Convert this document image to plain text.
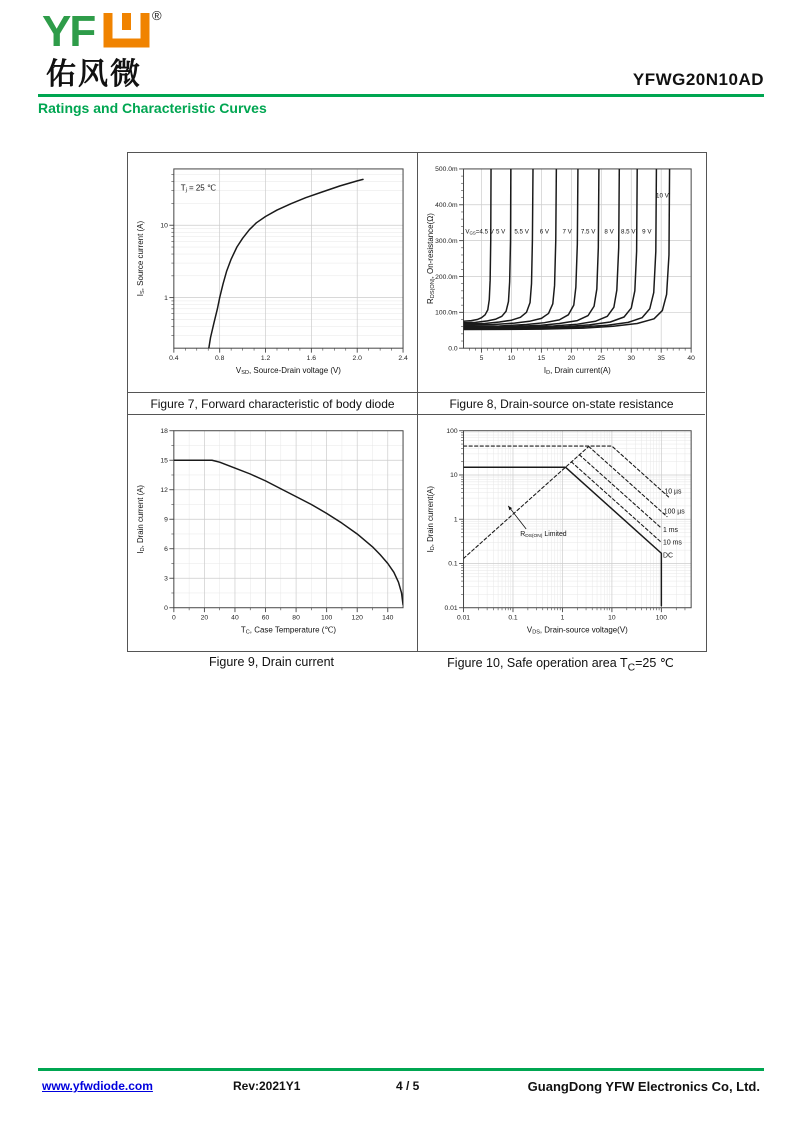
YF	®
佑风微	YFWG20N10AD
Ratings and Characteristic Curves
0.4	0.8	1.2	1.6	2.0	2.4
1
10
VSD, Source-Drain voltage (V)
IS, Source current (A)
Tj = 25 ℃
5	10	15	20	25	30	35	40
0.0
100.0m
200.0m
300.0m
400.0m
500.0m
ID, Drain current(A)
RDS(ON), On-resistance(Ω)	VGS=4.5 V 5 V 5.5 V 6 V 7 V 7.5 V 8 V 8.5 V 9 V
10 V
Figure 7, Forward characteristic of body diode	Figure 8, Drain-source on-state resistance
0	20	40	60	80	100	120	140
0
3
6
9
12
15
18
TC, Case Temperature (℃)
ID, Drain current (A)
0.01	0.1	1	10	100
0.01
0.1
1
10
100
VDS, Drain-source voltage(V)
ID, Drain current(A)	10 µs
100 µs
1 ms
10 ms
DC
RDS(ON) Limited
Figure 9, Drain current	Figure 10, Safe operation area $T_C=25$ ℃
www.yfwdiode.com	Rev:2021Y1	4 / 5	GuangDong YFW Electronics Co, Ltd.
